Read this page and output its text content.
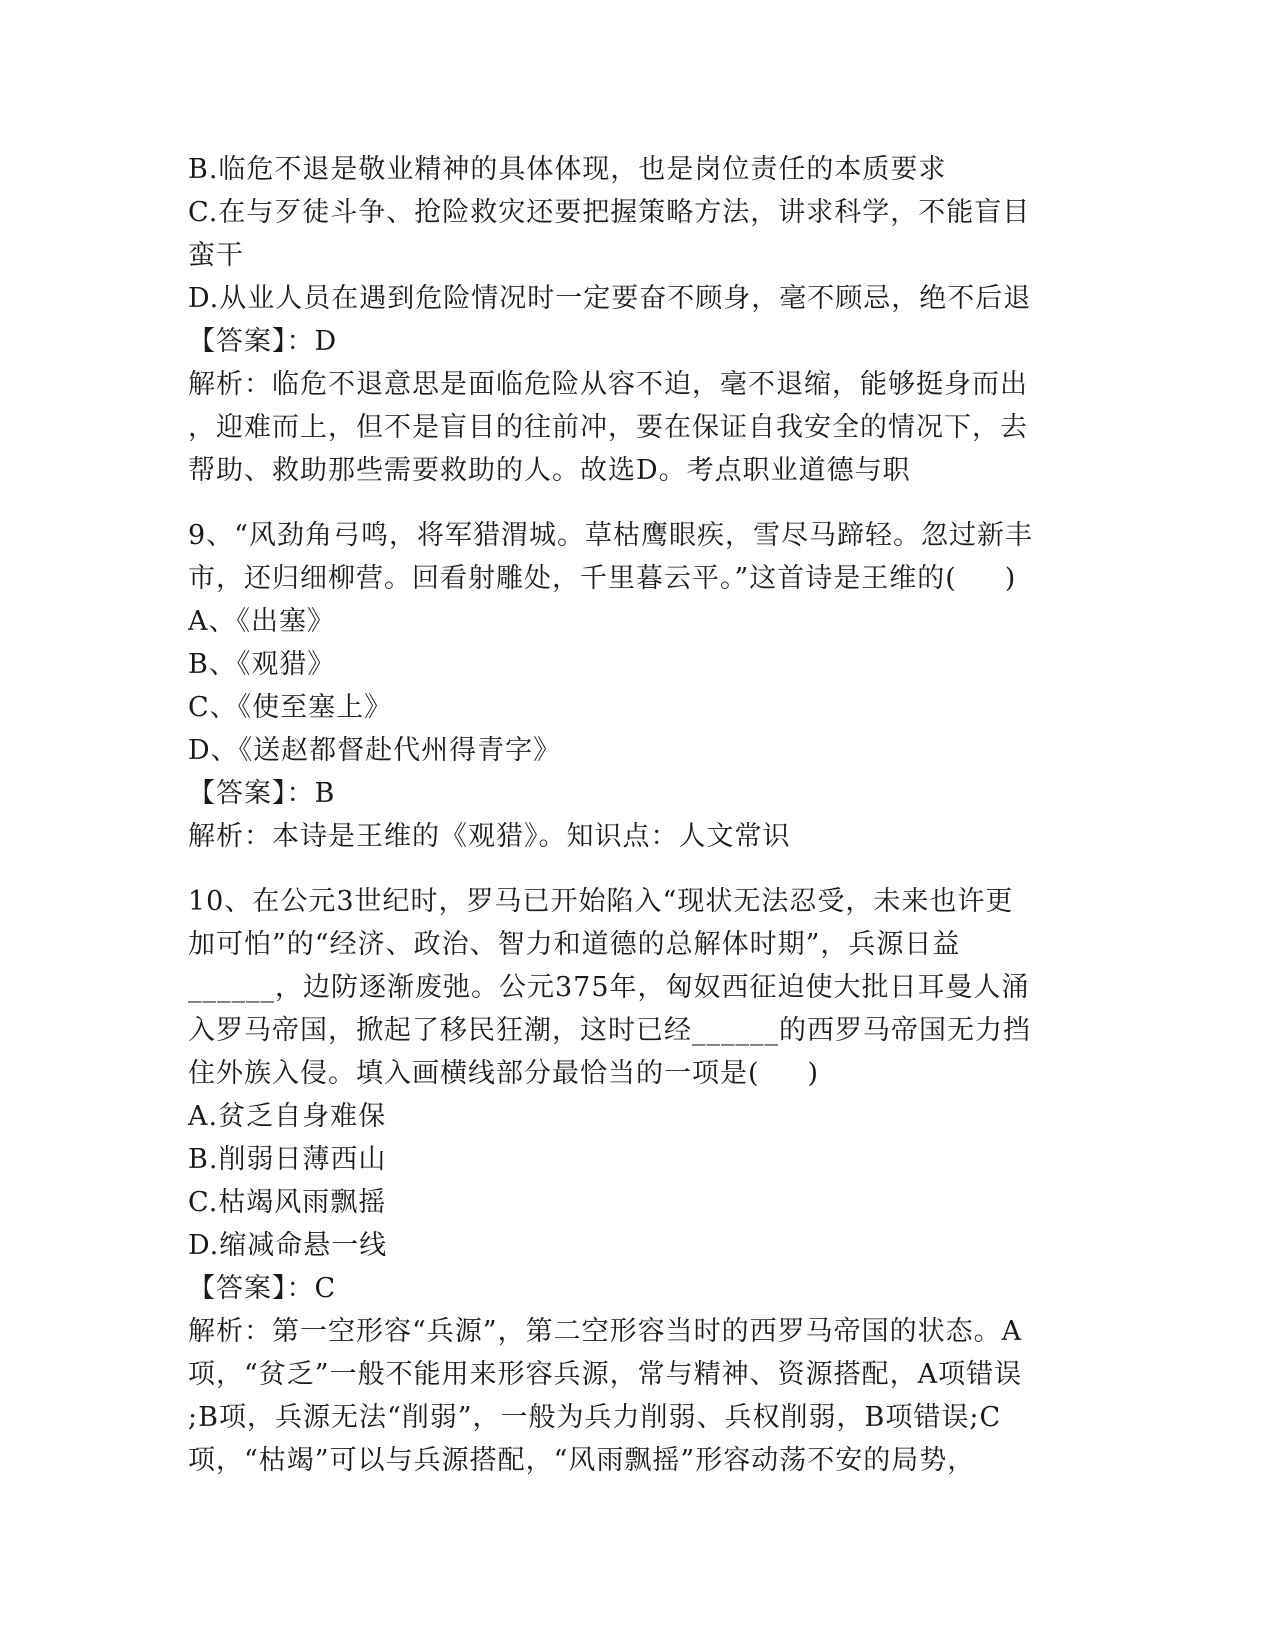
B.临危不退是敬业精神的具体体现，也是岗位责任的本质要求
C.在与歹徒斗争、抢险救灾还要把握策略方法，讲求科学，不能盲目
蛮干
D.从业人员在遇到危险情况时一定要奋不顾身，毫不顾忌，绝不后退
【答案】：D
解析：临危不退意思是面临危险从容不迫，毫不退缩，能够挺身而出
，迎难而上，但不是盲目的往前冲，要在保证自我安全的情况下，去
帮助、救助那些需要救助的人。故选D。考点职业道德与职
9、“风劲角弓鸣，将军猎渭城。草枯鹰眼疾，雪尽马蹄轻。忽过新丰
市，还归细柳营。回看射雕处，千里暮云平。”这首诗是王维的(     )
A、《出塞》
B、《观猎》
C、《使至塞上》
D、《送赵都督赴代州得青字》
【答案】：B
解析：本诗是王维的《观猎》。知识点：人文常识
10、在公元3世纪时，罗马已开始陷入“现状无法忍受，未来也许更
加可怕”的“经济、政治、智力和道德的总解体时期”，兵源日益
______，边防逐渐废弛。公元375年，匈奴西征迫使大批日耳曼人涌
入罗马帝国，掀起了移民狂潮，这时已经______的西罗马帝国无力挡
住外族入侵。填入画横线部分最恰当的一项是(     )
A.贫乏自身难保
B.削弱日薄西山
C.枯竭风雨飘摇
D.缩减命悬一线
【答案】：C
解析：第一空形容“兵源”，第二空形容当时的西罗马帝国的状态。A
项，“贫乏”一般不能用来形容兵源，常与精神、资源搭配，A项错误
;B项，兵源无法“削弱”，一般为兵力削弱、兵权削弱，B项错误;C
项，“枯竭”可以与兵源搭配，“风雨飘摇”形容动荡不安的局势，
